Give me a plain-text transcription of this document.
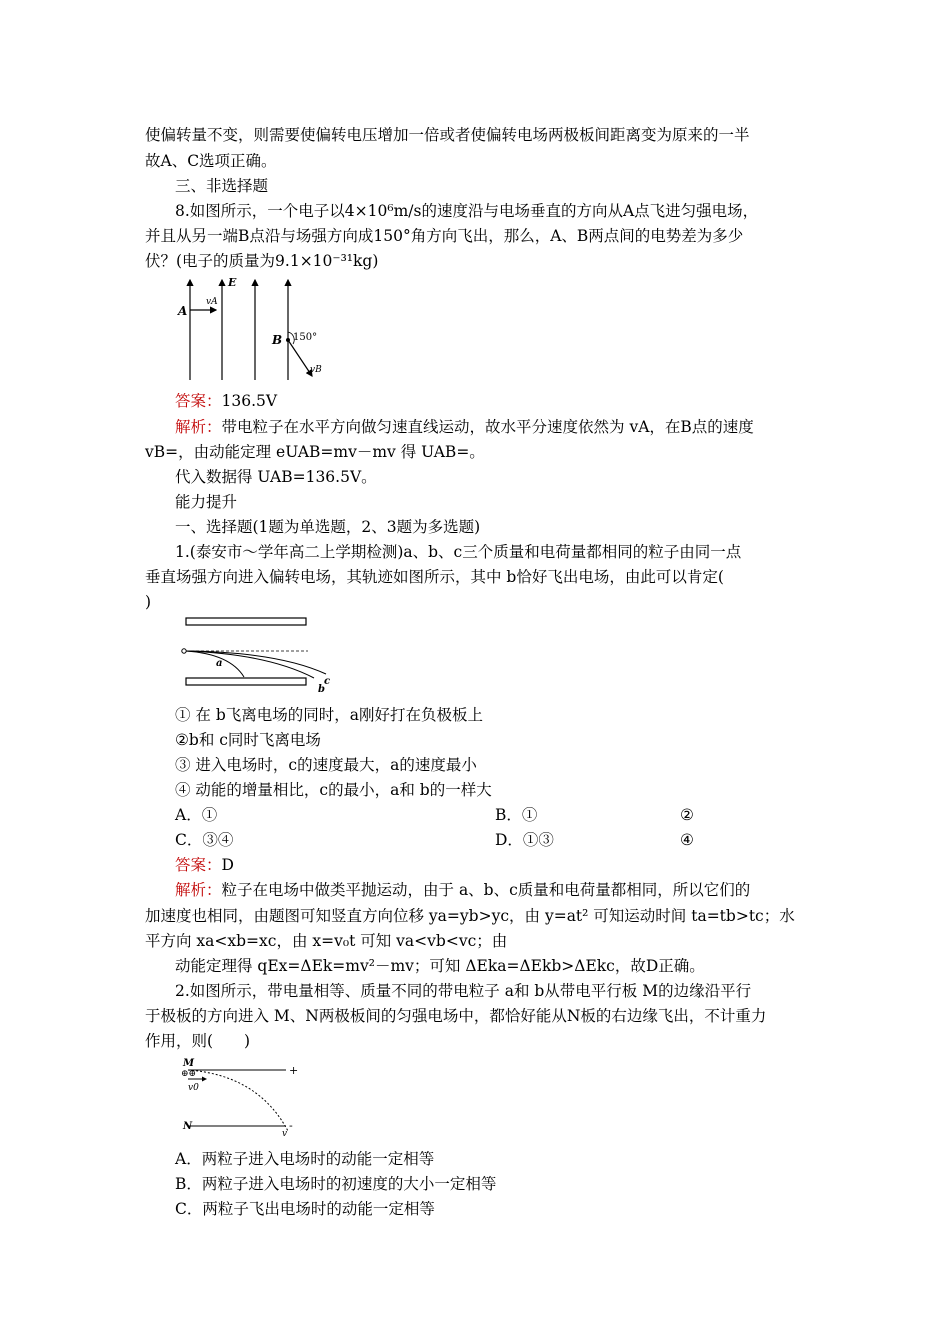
使偏转量不变，则需要使偏转电压增加一倍或者使偏转电场两极板间距离变为原来的一半
故A、C选项正确。
三、非选择题
8.如图所示，一个电子以4×10⁶m/s的速度沿与电场垂直的方向从A点飞进匀强电场，
并且从另一端B点沿与场强方向成150°角方向飞出，那么，A、B两点间的电势差为多少
伏？(电子的质量为9.1×10⁻³¹kg)
A
vA
E
B 150°
vB
答案：136.5V
解析：带电粒子在水平方向做匀速直线运动，故水平分速度依然为 vA，在B点的速度
vB=，由动能定理 eUAB=mv－mv 得 UAB=。
代入数据得 UAB=136.5V。
能力提升
一、选择题(1题为单选题，2、3题为多选题)
1.(泰安市～学年高二上学期检测)a、b、c三个质量和电荷量都相同的粒子由同一点
垂直场强方向进入偏转电场，其轨迹如图所示，其中 b恰好飞出电场，由此可以肯定(
)
a
b
c
① 在 b飞离电场的同时，a刚好打在负极板上
②b和 c同时飞离电场
③ 进入电场时，c的速度最大，a的速度最小
④ 动能的增量相比，c的最小，a和 b的一样大
A．①	B．①	②
C．③④	D．①③	④
答案：D
解析：粒子在电场中做类平抛运动，由于 a、b、c质量和电荷量都相同，所以它们的
加速度也相同，由题图可知竖直方向位移 ya=yb>yc，由 y=at² 可知运动时间 ta=tb>tc；水
平方向 xa<xb=xc，由 x=v₀t 可知 va<vb<vc；由
动能定理得 qEx=ΔEk=mv²－mv；可知 ΔEka=ΔEkb>ΔEkc，故D正确。
2.如图所示，带电量相等、质量不同的带电粒子 a和 b从带电平行板 M的边缘沿平行
于极板的方向进入 M、N两极板间的匀强电场中，都恰好能从N板的右边缘飞出，不计重力
作用，则(　　)
M
⊕⊕
v0
+
N	-
v
A．两粒子进入电场时的动能一定相等
B．两粒子进入电场时的初速度的大小一定相等
C．两粒子飞出电场时的动能一定相等
